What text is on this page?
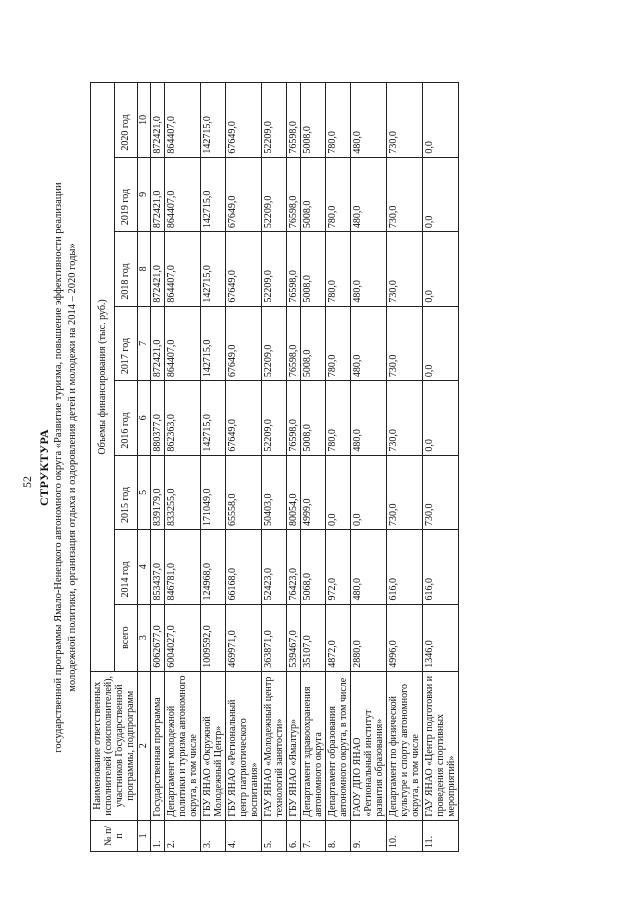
52 СТРУКТУРА государственной программы Ямало-Ненецкого автономного округа «Развитие туризма, повышение эффективности реализации молодежной политики, организация отдыха и оздоровления детей и молодежи на 2014 – 2020 годы»
№ п/п	Наименование ответственных исполнителей (соисполнителей), участников Государственной программы, подпрограмм	Объемы финансирования (тыс. руб.)							
		всего	2014 год	2015 год	2016 год	2017 год	2018 год	2019 год	2020 год
1	2	3	4	5	6	7	8	9	10
1.	Государственная программа	6062677,0	853437,0	839179,0	880377,0	872421,0	872421,0	872421,0	872421,0
2.	Департамент молодежной политики и туризма автономного округа, в том числе	6004027,0	846781,0	833255,0	862363,0	864407,0	864407,0	864407,0	864407,0
3.	ГБУ ЯНАО «Окружной Молодежный Центр»	1009592,0	124968,0	171049,0	142715,0	142715,0	142715,0	142715,0	142715,0
4.	ГБУ ЯНАО «Региональный центр патриотического воспитания»	469971,0	66168,0	65558,0	67649,0	67649,0	67649,0	67649,0	67649,0
5.	ГАУ ЯНАО «Молодежный центр технологий занятости»	363871,0	52423,0	50403,0	52209,0	52209,0	52209,0	52209,0	52209,0
6.	ГБУ ЯНАО «Ямалтур»	539467,0	76423,0	80054,0	76598,0	76598,0	76598,0	76598,0	76598,0
7.	Департамент здравоохранения автономного округа	35107,0	5068,0	4999,0	5008,0	5008,0	5008,0	5008,0	5008,0
8.	Департамент образования автономного округа, в том числе	4872,0	972,0	0,0	780,0	780,0	780,0	780,0	780,0
9.	ГАОУ ДПО ЯНАО «Региональный институт развития образования»	2880,0	480,0	0,0	480,0	480,0	480,0	480,0	480,0
10.	Департамент по физической культуре и спорту автономного округа, в том числе	4996,0	616,0	730,0	730,0	730,0	730,0	730,0	730,0
11.	ГАУ ЯНАО «Центр подготовки и проведения спортивных мероприятий»	1346,0	616,0	730,0	0,0	0,0	0,0	0,0	0,0
